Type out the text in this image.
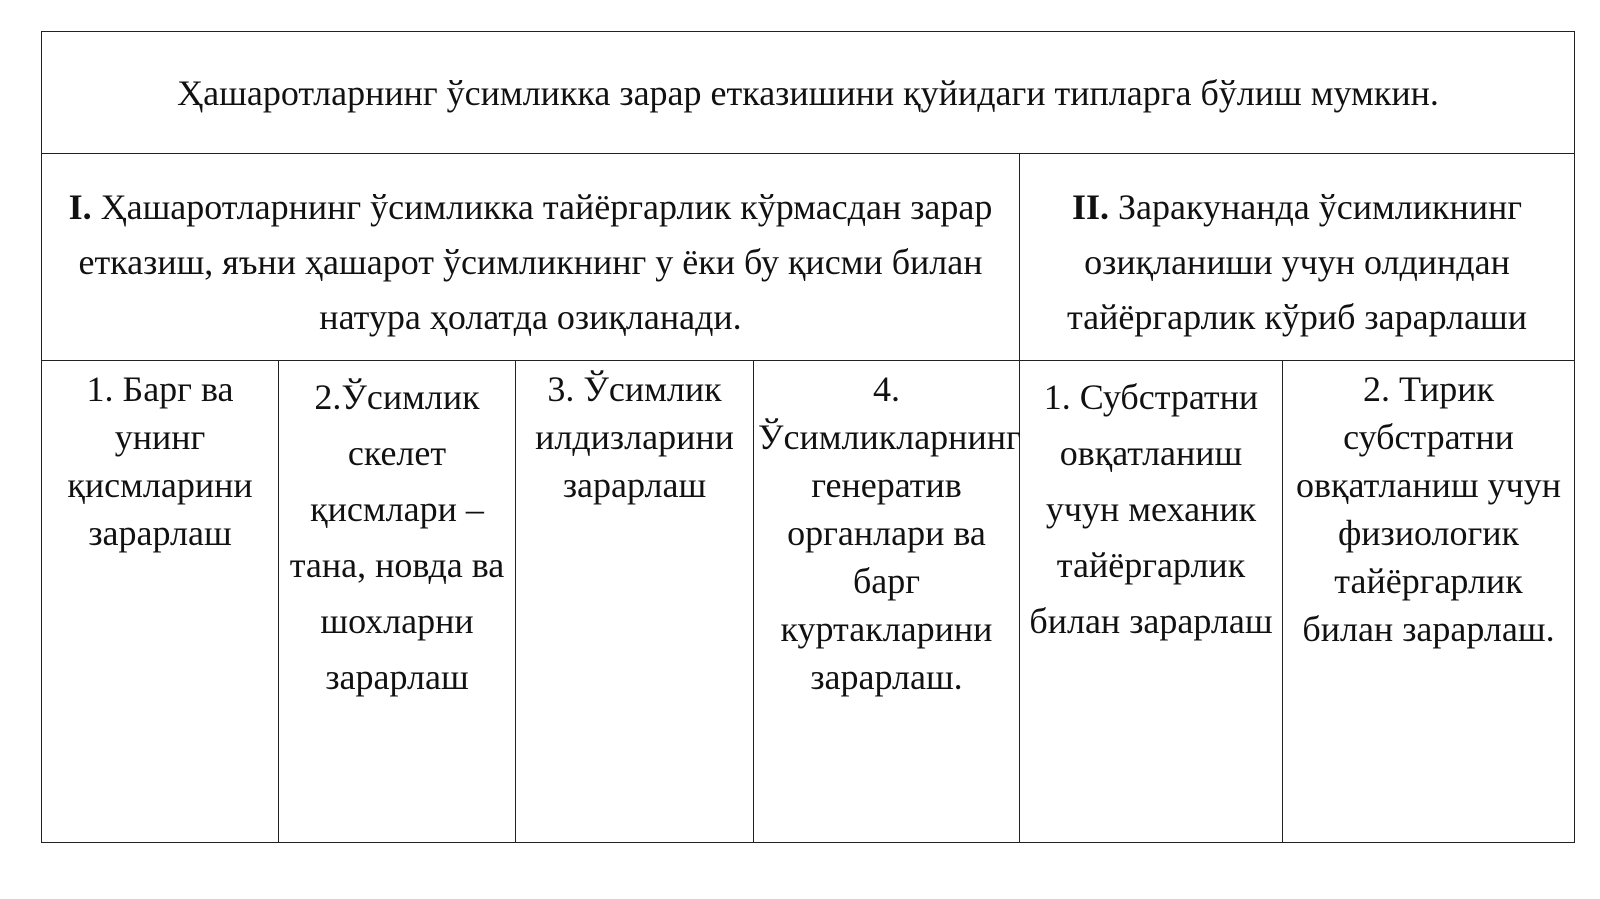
Ҳашаротларнинг ўсимликка зарар етказишини қуйидаги типларга бўлиш мумкин.
I. Ҳашаротларнинг ўсимликка тайёргарлик кўрмасдан зарар етказиш, яъни ҳашарот ўсимликнинг у ёки бу қисми билан натура ҳолатда озиқланади.
II. Заракунанда ўсимликнинг озиқланиши учун олдиндан тайёргарлик кўриб зарарлаши
1. Барг ва унинг қисмларини зарарлаш
2.Ўсимлик скелет қисмлари – тана, новда ва шохларни зарарлаш
3. Ўсимлик илдизларини зарарлаш
4. Ўсимликларнинг генератив органлари ва барг куртакларини зарарлаш.
1. Субстратни овқатланиш учун механик тайёргарлик билан зарарлаш
2. Тирик субстратни овқатланиш учун физиологик тайёргарлик билан зарарлаш.
